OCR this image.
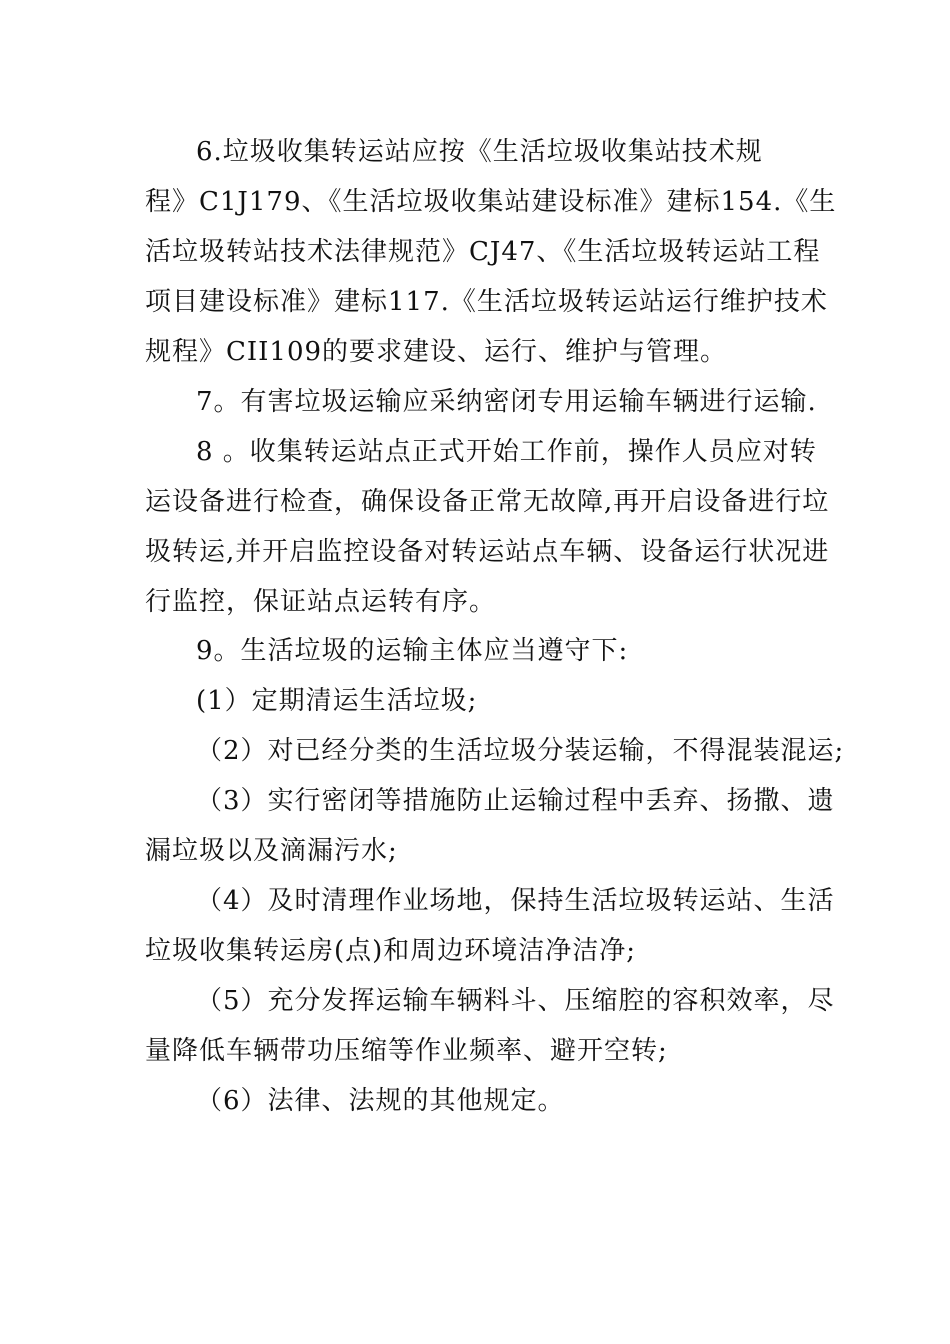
6.垃圾收集转运站应按《生活垃圾收集站技术规
程》C1J179、《生活垃圾收集站建设标准》建标154.《生
活垃圾转站技术法律规范》CJ47、《生活垃圾转运站工程
项目建设标准》建标117.《生活垃圾转运站运行维护技术
规程》CII109的要求建设、运行、维护与管理。
7。有害垃圾运输应采纳密闭专用运输车辆进行运输.
8 。收集转运站点正式开始工作前，操作人员应对转
运设备进行检查，确保设备正常无故障,再开启设备进行垃
圾转运,并开启监控设备对转运站点车辆、设备运行状况进
行监控，保证站点运转有序。
9。生活垃圾的运输主体应当遵守下:
(1）定期清运生活垃圾;
（2）对已经分类的生活垃圾分装运输，不得混装混运;
（3）实行密闭等措施防止运输过程中丢弃、扬撒、遗
漏垃圾以及滴漏污水;
（4）及时清理作业场地，保持生活垃圾转运站、生活
垃圾收集转运房(点)和周边环境洁净洁净;
（5）充分发挥运输车辆料斗、压缩腔的容积效率，尽
量降低车辆带功压缩等作业频率、避开空转;
（6）法律、法规的其他规定。
